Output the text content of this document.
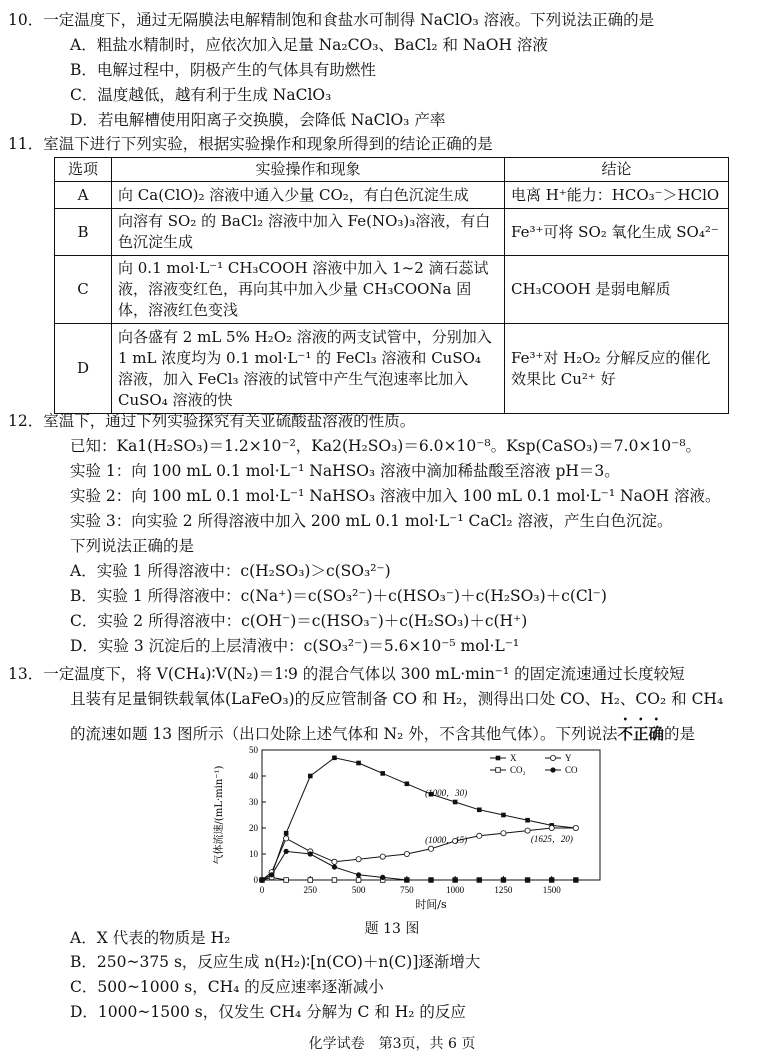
10．一定温度下，通过无隔膜法电解精制饱和食盐水可制得 NaClO₃ 溶液。下列说法正确的是
A．粗盐水精制时，应依次加入足量 Na₂CO₃、BaCl₂ 和 NaOH 溶液
B．电解过程中，阴极产生的气体具有助燃性
C．温度越低，越有利于生成 NaClO₃
D．若电解槽使用阳离子交换膜，会降低 NaClO₃ 产率
11．室温下进行下列实验，根据实验操作和现象所得到的结论正确的是
选项	实验操作和现象	结论
A	向 Ca(ClO)₂ 溶液中通入少量 CO₂，有白色沉淀生成	电离 H⁺能力：HCO₃⁻＞HClO
B	向溶有 SO₂ 的 BaCl₂ 溶液中加入 Fe(NO₃)₃溶液，有白色沉淀生成	Fe³⁺可将 SO₂ 氧化生成 SO₄²⁻
C	向 0.1 mol·L⁻¹ CH₃COOH 溶液中加入 1~2 滴石蕊试液，溶液变红色，再向其中加入少量 CH₃COONa 固体，溶液红色变浅	CH₃COOH 是弱电解质
D	向各盛有 2 mL 5% H₂O₂ 溶液的两支试管中，分别加入 1 mL 浓度均为 0.1 mol·L⁻¹ 的 FeCl₃ 溶液和 CuSO₄ 溶液，加入 FeCl₃ 溶液的试管中产生气泡速率比加入 CuSO₄ 溶液的快	Fe³⁺对 H₂O₂ 分解反应的催化效果比 Cu²⁺ 好
12．室温下，通过下列实验探究有关亚硫酸盐溶液的性质。
已知：Ka1(H₂SO₃)＝1.2×10⁻²，Ka2(H₂SO₃)＝6.0×10⁻⁸。Ksp(CaSO₃)＝7.0×10⁻⁸。
实验 1：向 100 mL 0.1 mol·L⁻¹ NaHSO₃ 溶液中滴加稀盐酸至溶液 pH＝3。
实验 2：向 100 mL 0.1 mol·L⁻¹ NaHSO₃ 溶液中加入 100 mL 0.1 mol·L⁻¹ NaOH 溶液。
实验 3：向实验 2 所得溶液中加入 200 mL 0.1 mol·L⁻¹ CaCl₂ 溶液，产生白色沉淀。
下列说法正确的是
A．实验 1 所得溶液中：c(H₂SO₃)＞c(SO₃²⁻)
B．实验 1 所得溶液中：c(Na⁺)＝c(SO₃²⁻)＋c(HSO₃⁻)＋c(H₂SO₃)＋c(Cl⁻)
C．实验 2 所得溶液中：c(OH⁻)＝c(HSO₃⁻)＋c(H₂SO₃)＋c(H⁺)
D．实验 3 沉淀后的上层清液中：c(SO₃²⁻)＝5.6×10⁻⁵ mol·L⁻¹
13．一定温度下，将 V(CH₄)∶V(N₂)＝1∶9 的混合气体以 300 mL·min⁻¹ 的固定流速通过长度较短
且装有足量铜铁载氧体(LaFeO₃)的反应管制备 CO 和 H₂，测得出口处 CO、H₂、CO₂ 和 CH₄
的流速如题 13 图所示（出口处除上述气体和 N₂ 外，不含其他气体）。下列说法不正确的是
0	250	500	750	1000	1250	1500
0
10
20
30
40
50
时间/s
气体流速/(mL·min⁻¹)	(1000，30)
(1000，15)	(1625，20)
X	Y
CO₂	CO
题 13 图
A．X 代表的物质是 H₂
B．250~375 s，反应生成 n(H₂)∶[n(CO)＋n(C)]逐渐增大
C．500~1000 s，CH₄ 的反应速率逐渐减小
D．1000~1500 s，仅发生 CH₄ 分解为 C 和 H₂ 的反应
化学试卷　第3页，共 6 页
